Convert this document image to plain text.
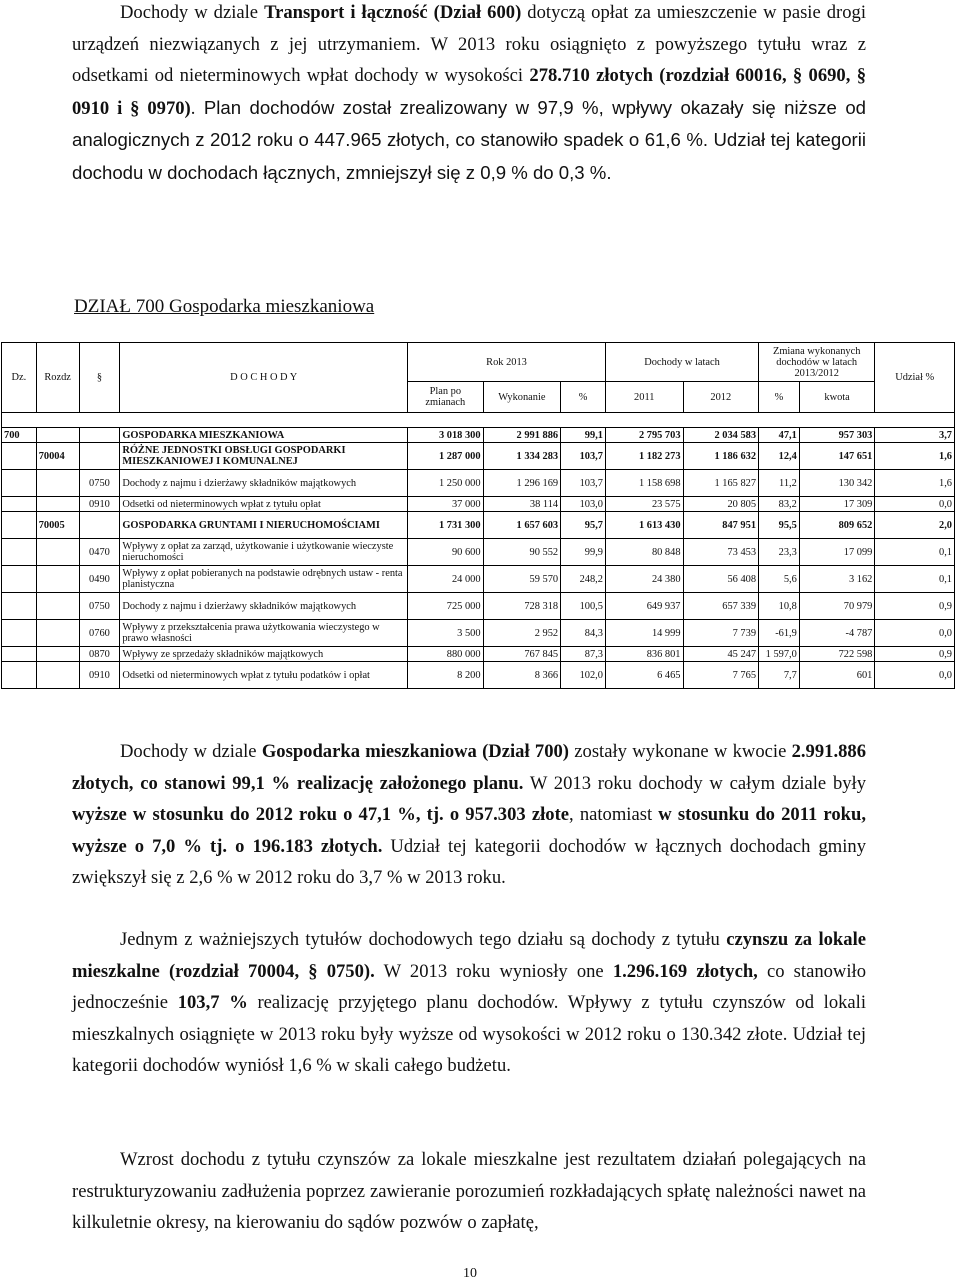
Dochody w dziale Transport i łączność (Dział 600) dotyczą opłat za umieszczenie w pasie drogi urządzeń niezwiązanych z jej utrzymaniem. W 2013 roku osiągnięto z powyższego tytułu wraz z odsetkami od nieterminowych wpłat dochody w wysokości 278.710 złotych (rozdział 60016, § 0690, § 0910 i § 0970). Plan dochodów został zrealizowany w 97,9 %, wpływy okazały się niższe od analogicznych z 2012 roku o 447.965 złotych, co stanowiło spadek o 61,6 %. Udział tej kategorii dochodu w dochodach łącznych, zmniejszył się z 0,9 % do 0,3 %.

DZIAŁ 700 Gospodarka mieszkaniowa
Dz.	Rozdz	§	D O C H O D Y	Rok 2013			Dochody w latach		Zmiana wykonanych dochodów w latach 2013/2012		Udział %
				Plan po zmianach	Wykonanie	%	2011	2012	%	kwota	

700			GOSPODARKA MIESZKANIOWA	3 018 300	2 991 886	99,1	2 795 703	2 034 583	47,1	957 303	3,7
	70004		RÓŻNE JEDNOSTKI OBSŁUGI GOSPODARKI MIESZKANIOWEJ I KOMUNALNEJ	1 287 000	1 334 283	103,7	1 182 273	1 186 632	12,4	147 651	1,6
		0750	Dochody z najmu i dzierżawy składników majątkowych	1 250 000	1 296 169	103,7	1 158 698	1 165 827	11,2	130 342	1,6
		0910	Odsetki od nieterminowych wpłat z tytułu opłat	37 000	38 114	103,0	23 575	20 805	83,2	17 309	0,0
	70005		GOSPODARKA GRUNTAMI I NIERUCHOMOŚCIAMI	1 731 300	1 657 603	95,7	1 613 430	847 951	95,5	809 652	2,0
		0470	Wpływy z opłat za zarząd, użytkowanie i użytkowanie wieczyste nieruchomości	90 600	90 552	99,9	80 848	73 453	23,3	17 099	0,1
		0490	Wpływy z opłat pobieranych na podstawie odrębnych ustaw - renta planistyczna	24 000	59 570	248,2	24 380	56 408	5,6	3 162	0,1
		0750	Dochody z najmu i dzierżawy składników majątkowych	725 000	728 318	100,5	649 937	657 339	10,8	70 979	0,9
		0760	Wpływy z przekształcenia prawa użytkowania wieczystego w prawo własności	3 500	2 952	84,3	14 999	7 739	-61,9	-4 787	0,0
		0870	Wpływy ze sprzedaży składników majątkowych	880 000	767 845	87,3	836 801	45 247	1 597,0	722 598	0,9
		0910	Odsetki od nieterminowych wpłat z tytułu podatków i opłat	8 200	8 366	102,0	6 465	7 765	7,7	601	0,0

Dochody w dziale Gospodarka mieszkaniowa (Dział 700) zostały wykonane w kwocie 2.991.886 złotych, co stanowi 99,1 % realizację założonego planu. W 2013 roku dochody w całym dziale były wyższe w stosunku do 2012 roku o 47,1 %, tj. o 957.303 złote, natomiast w stosunku do 2011 roku, wyższe o 7,0 % tj. o 196.183 złotych. Udział tej kategorii dochodów w łącznych dochodach gminy zwiększył się z 2,6 % w 2012 roku do 3,7 % w 2013 roku.

Jednym z ważniejszych tytułów dochodowych tego działu są dochody z tytułu czynszu za lokale mieszkalne (rozdział 70004, § 0750). W 2013 roku wyniosły one 1.296.169 złotych, co stanowiło jednocześnie 103,7 % realizację przyjętego planu dochodów. Wpływy z tytułu czynszów od lokali mieszkalnych osiągnięte w 2013 roku były wyższe od wysokości w 2012 roku o 130.342 złote. Udział tej kategorii dochodów wyniósł 1,6 % w skali całego budżetu.

Wzrost dochodu z tytułu czynszów za lokale mieszkalne jest rezultatem działań polegających na restrukturyzowaniu zadłużenia poprzez zawieranie porozumień rozkładających spłatę należności nawet na kilkuletnie okresy, na kierowaniu do sądów pozwów o zapłatę,

10
